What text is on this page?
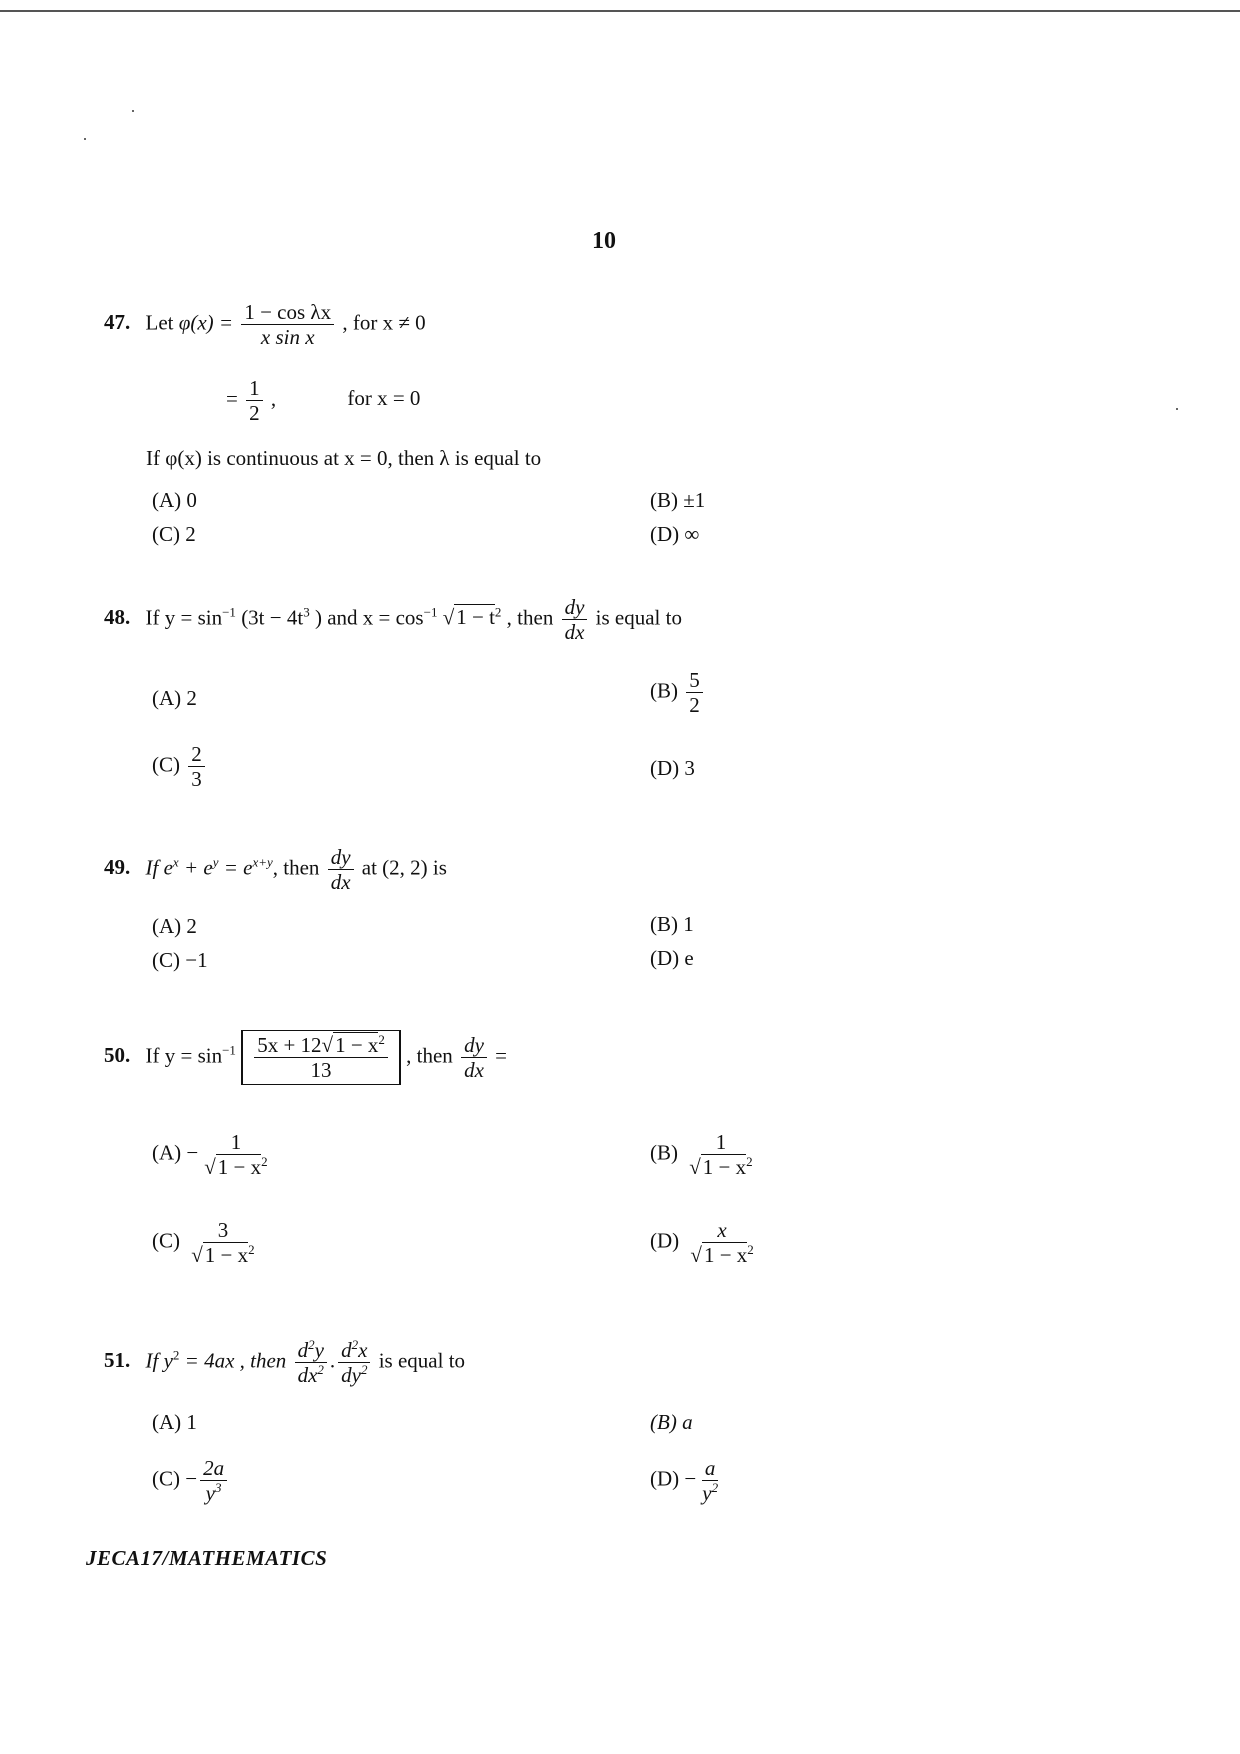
10
47. Let $\varphi(x) = \frac{\text{1 − cos λx}}{\text{x sin x}}$ , for x ≠ 0
= $\frac{1}{2}$ ,	for x = 0
If φ(x) is continuous at x = 0, then λ is equal to
(A) 0	(B) ±1
(C) 2	(D) ∞
48. If $y = \sin^{-1} (3t - 4t^3$ ) and $x = \cos^{-1} √1 - t^2$ , then $\frac{dy}{dx}$ is equal to
(A) 2	$(B) \frac{5}{2}$
$(C) \frac{2}{3}$	(D) 3
49. If $e^x + e^y = e^{x+y}$, then $\frac{dy}{dx}$ at (2, 2) is
(A) 2	(B) 1
(C) −1	(D) e
50. If $y = \sin^{-1} \frac{5x + 12√1 - x^2}{13}$ , then $\frac{dy}{dx}$ =
$(A) - \frac{1}{√1 - x^2}$	$(B) \frac{1}{√1 - x^2}$
$(C) \frac{3}{√1 - x^2}$	$(D) \frac{x}{√1 - x^2}$
51. If $y^2 = 4ax$ , then $\frac{d^2y}{dx^2}$ . $\frac{d^2x}{dy^2}$ is equal to
(A) 1	(B) a
$(C) - \frac{2a}{y^3}$	$(D) - \frac{a}{y^2}$
JECA17/MATHEMATICS
